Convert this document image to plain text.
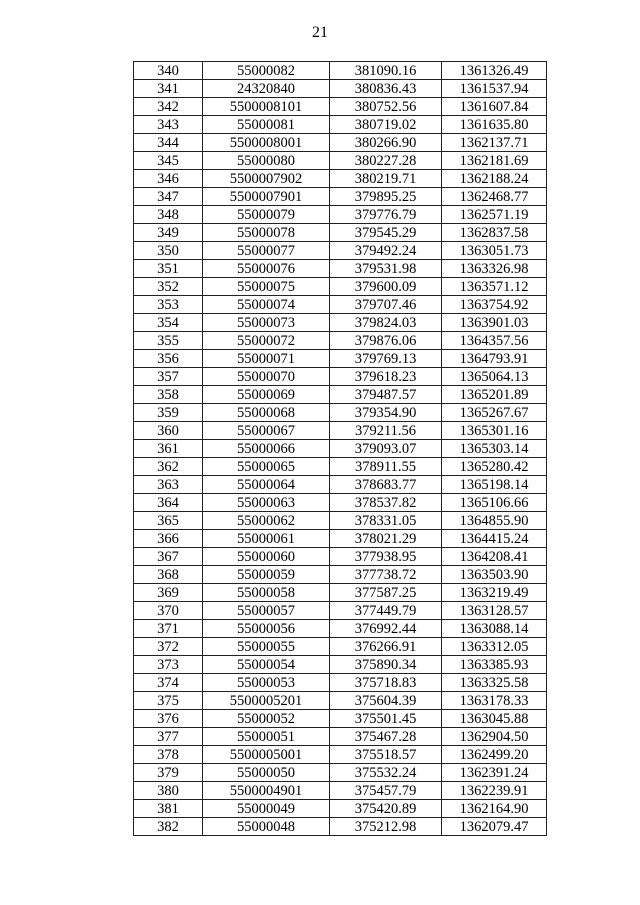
21
340	55000082	381090.16	1361326.49
341	24320840	380836.43	1361537.94
342	5500008101	380752.56	1361607.84
343	55000081	380719.02	1361635.80
344	5500008001	380266.90	1362137.71
345	55000080	380227.28	1362181.69
346	5500007902	380219.71	1362188.24
347	5500007901	379895.25	1362468.77
348	55000079	379776.79	1362571.19
349	55000078	379545.29	1362837.58
350	55000077	379492.24	1363051.73
351	55000076	379531.98	1363326.98
352	55000075	379600.09	1363571.12
353	55000074	379707.46	1363754.92
354	55000073	379824.03	1363901.03
355	55000072	379876.06	1364357.56
356	55000071	379769.13	1364793.91
357	55000070	379618.23	1365064.13
358	55000069	379487.57	1365201.89
359	55000068	379354.90	1365267.67
360	55000067	379211.56	1365301.16
361	55000066	379093.07	1365303.14
362	55000065	378911.55	1365280.42
363	55000064	378683.77	1365198.14
364	55000063	378537.82	1365106.66
365	55000062	378331.05	1364855.90
366	55000061	378021.29	1364415.24
367	55000060	377938.95	1364208.41
368	55000059	377738.72	1363503.90
369	55000058	377587.25	1363219.49
370	55000057	377449.79	1363128.57
371	55000056	376992.44	1363088.14
372	55000055	376266.91	1363312.05
373	55000054	375890.34	1363385.93
374	55000053	375718.83	1363325.58
375	5500005201	375604.39	1363178.33
376	55000052	375501.45	1363045.88
377	55000051	375467.28	1362904.50
378	5500005001	375518.57	1362499.20
379	55000050	375532.24	1362391.24
380	5500004901	375457.79	1362239.91
381	55000049	375420.89	1362164.90
382	55000048	375212.98	1362079.47
